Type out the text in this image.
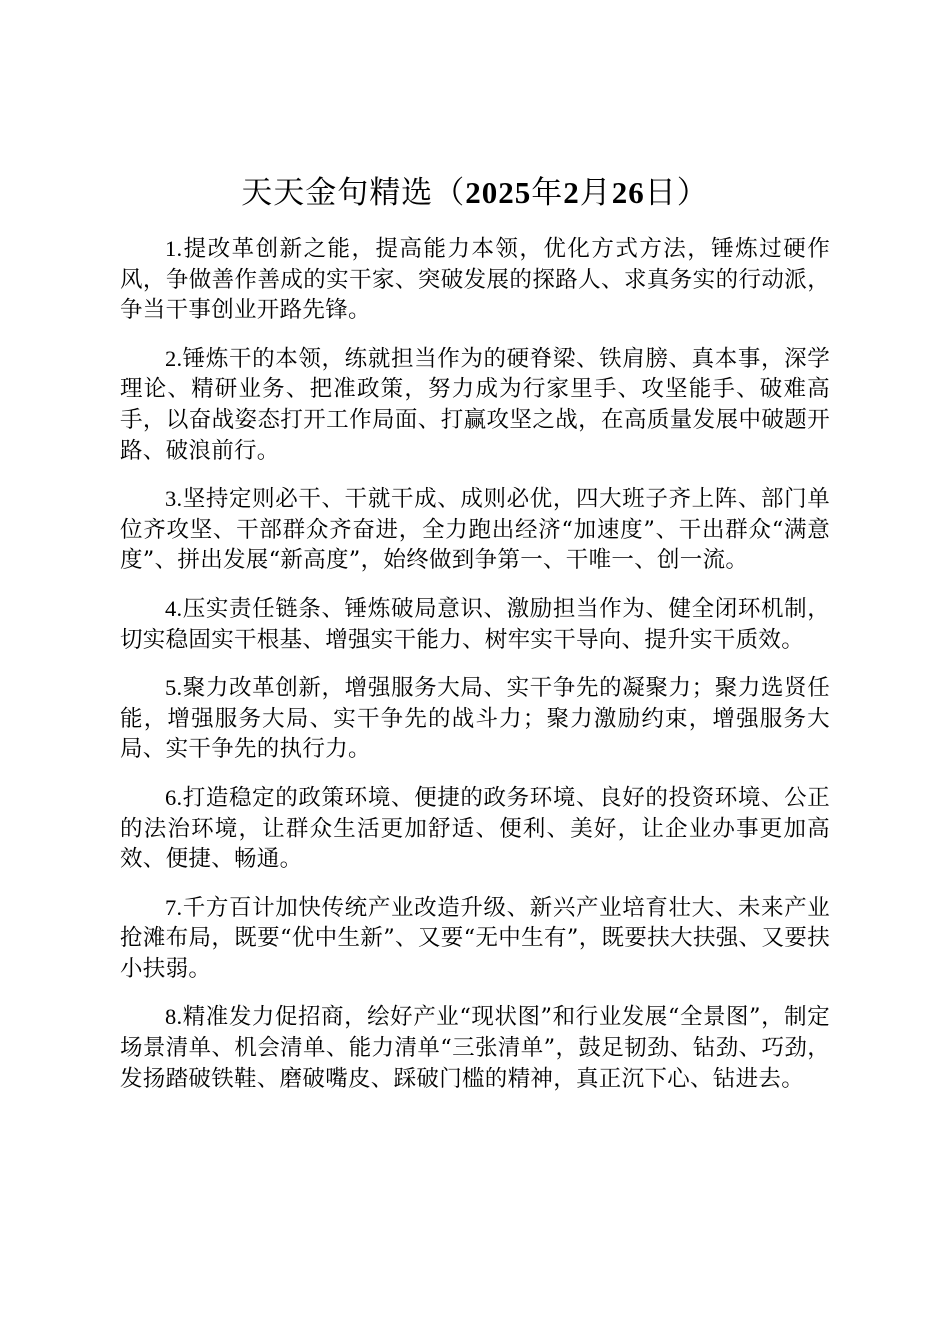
天天金句精选（2025年2月26日）

1.提改革创新之能，提高能力本领，优化方式方法，锤炼过硬作风，争做善作善成的实干家、突破发展的探路人、求真务实的行动派，争当干事创业开路先锋。

2.锤炼干的本领，练就担当作为的硬脊梁、铁肩膀、真本事，深学理论、精研业务、把准政策，努力成为行家里手、攻坚能手、破难高手，以奋战姿态打开工作局面、打赢攻坚之战，在高质量发展中破题开路、破浪前行。

3.坚持定则必干、干就干成、成则必优，四大班子齐上阵、部门单位齐攻坚、干部群众齐奋进，全力跑出经济“加速度”、干出群众“满意度”、拼出发展“新高度”，始终做到争第一、干唯一、创一流。

4.压实责任链条、锤炼破局意识、激励担当作为、健全闭环机制，切实稳固实干根基、增强实干能力、树牢实干导向、提升实干质效。

5.聚力改革创新，增强服务大局、实干争先的凝聚力；聚力选贤任能，增强服务大局、实干争先的战斗力；聚力激励约束，增强服务大局、实干争先的执行力。

6.打造稳定的政策环境、便捷的政务环境、良好的投资环境、公正的法治环境，让群众生活更加舒适、便利、美好，让企业办事更加高效、便捷、畅通。

7.千方百计加快传统产业改造升级、新兴产业培育壮大、未来产业抢滩布局，既要“优中生新”、又要“无中生有”，既要扶大扶强、又要扶小扶弱。

8.精准发力促招商，绘好产业“现状图”和行业发展“全景图”，制定场景清单、机会清单、能力清单“三张清单”，鼓足韧劲、钻劲、巧劲，发扬踏破铁鞋、磨破嘴皮、踩破门槛的精神，真正沉下心、钻进去。
